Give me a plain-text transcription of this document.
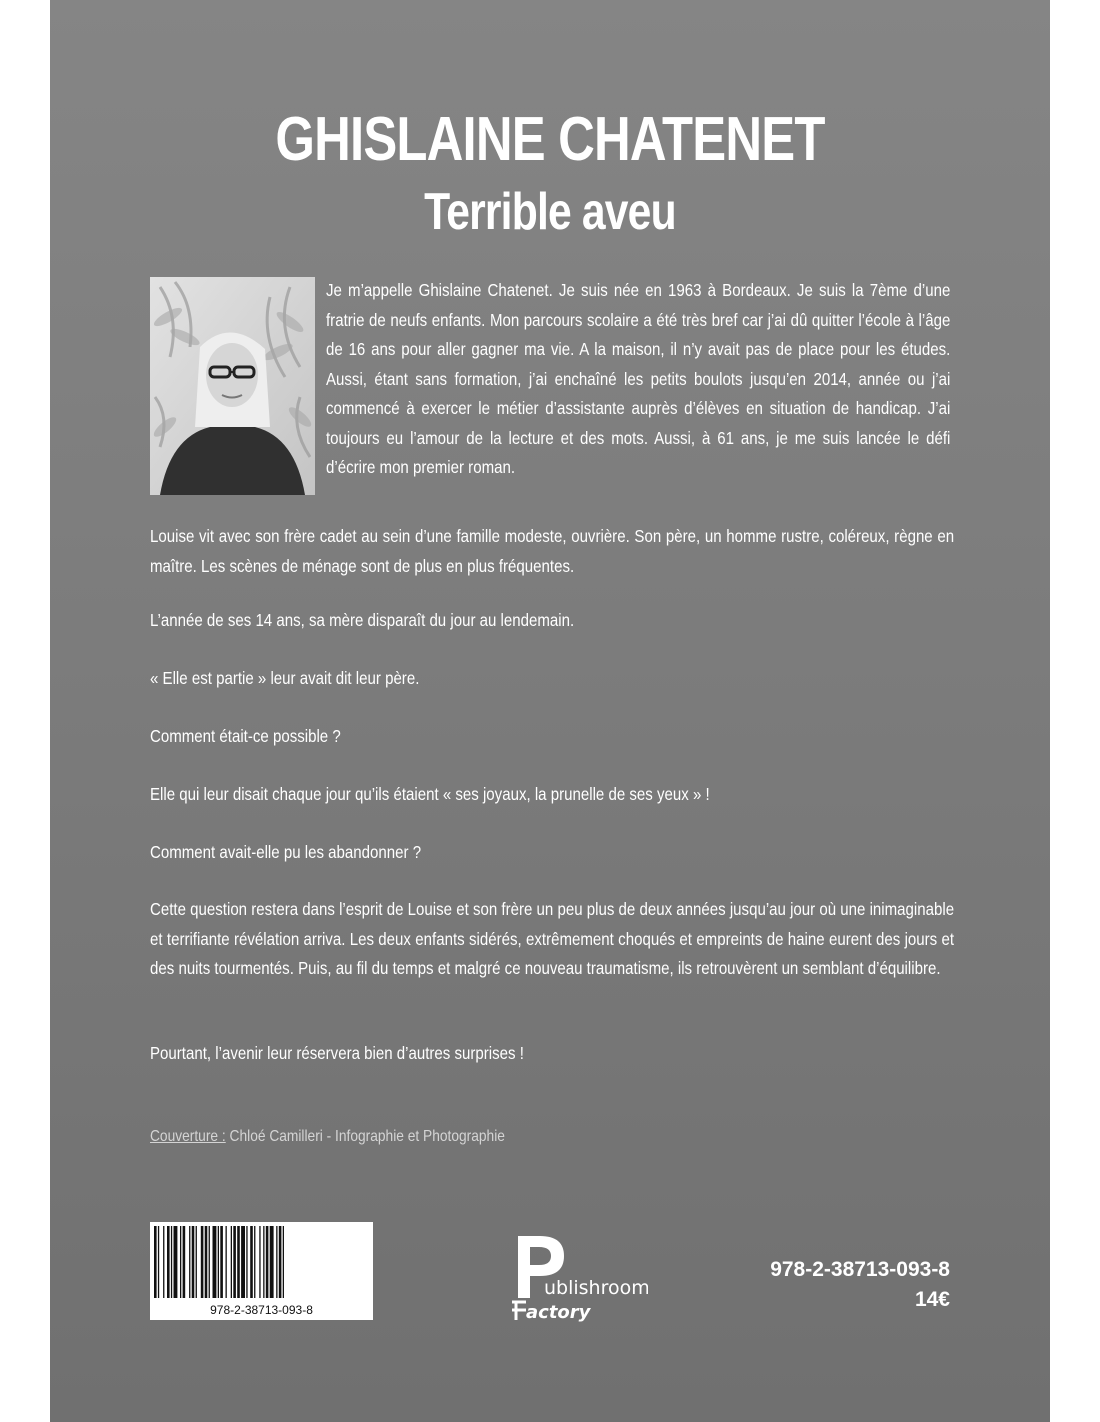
GHISLAINE CHATENET
Terrible aveu
Je m’appelle Ghislaine Chatenet. Je suis née en 1963 à Bordeaux. Je suis la 7ème d’une fratrie de neufs enfants. Mon parcours scolaire a été très bref car j’ai dû quitter l’école à l’âge de 16 ans pour aller gagner ma vie. A la maison, il n’y avait pas de place pour les études. Aussi, étant sans formation, j’ai enchaîné les petits boulots jusqu’en 2014, année ou j’ai commencé à exercer le métier d’assistante auprès d’élèves en situation de handicap. J’ai toujours eu l’amour de la lecture et des mots. Aussi, à 61 ans, je me suis lancée le défi d’écrire mon premier roman.

Louise vit avec son frère cadet au sein d’une famille modeste, ouvrière. Son père, un homme rustre, coléreux, règne en maître. Les scènes de ménage sont de plus en plus fréquentes.

L’année de ses 14 ans, sa mère disparaît du jour au lendemain.

« Elle est partie » leur avait dit leur père.

Comment était-ce possible ?

Elle qui leur disait chaque jour qu’ils étaient « ses joyaux, la prunelle de ses yeux » !

Comment avait-elle pu les abandonner ?

Cette question restera dans l’esprit de Louise et son frère un peu plus de deux années jusqu’au jour où une inimaginable et terrifiante révélation arriva. Les deux enfants sidérés, extrêmement choqués et empreints de haine eurent des jours et des nuits tourmentés. Puis, au fil du temps et malgré ce nouveau traumatisme, ils retrouvèrent un semblant d’équilibre.

Pourtant, l’avenir leur réservera bien d’autres surprises !

Couverture : Chloé Camilleri - Infographie et Photographie
978-2-38713-093-8
ublishroom
actory
978-2-38713-093-8
14€
